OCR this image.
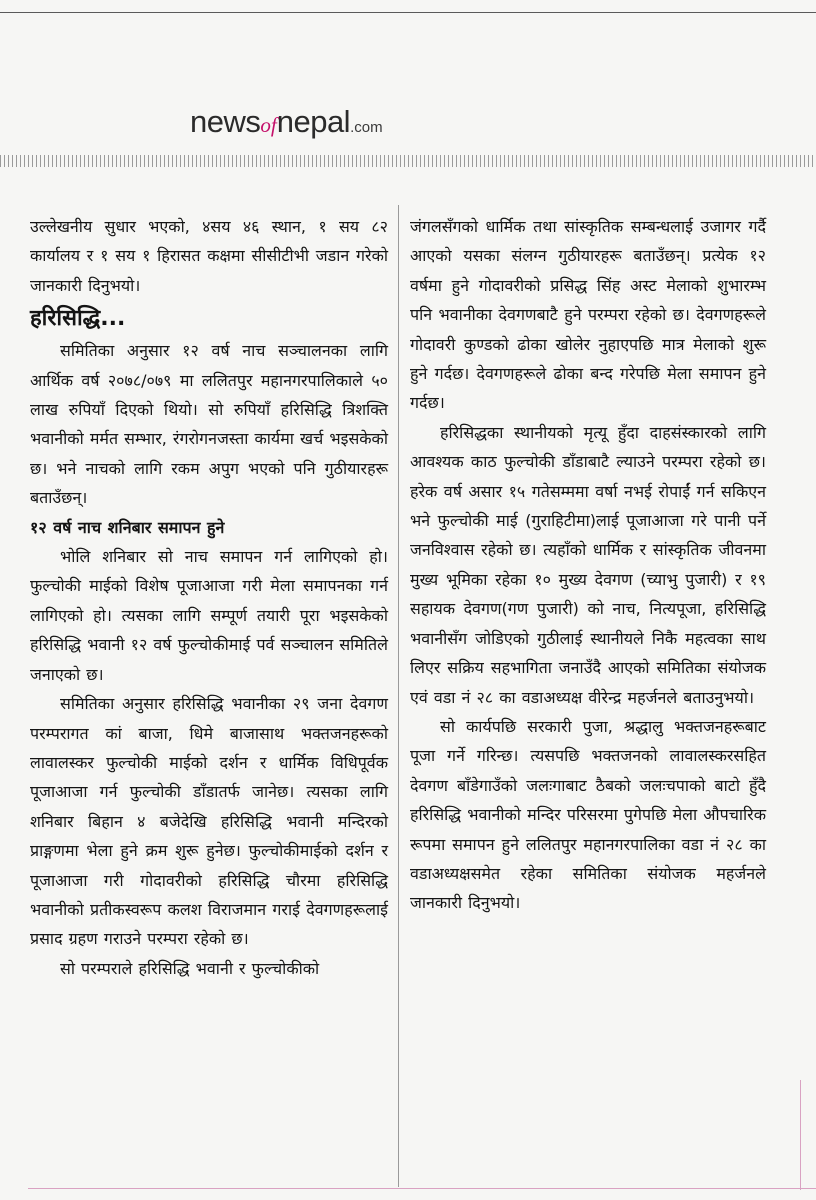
newsofnepal.com

उल्लेखनीय सुधार भएको, ४सय ४६ स्थान, १ सय ८२ कार्यालय र १ सय १ हिरासत कक्षमा सीसीटीभी जडान गरेको जानकारी दिनुभयो।

हरिसिद्धि...

समितिका अनुसार १२ वर्ष नाच सञ्चालनका लागि आर्थिक वर्ष २०७८/०७९ मा ललितपुर महानगरपालिकाले ५० लाख रुपियाँ दिएको थियो। सो रुपियाँ हरिसिद्धि त्रिशक्ति भवानीको मर्मत सम्भार, रंगरोगनजस्ता कार्यमा खर्च भइसकेको छ। भने नाचको लागि रकम अपुग भएको पनि गुठीयारहरू बताउँछन्।

१२ वर्ष नाच शनिबार समापन हुने

भोलि शनिबार सो नाच समापन गर्न लागिएको हो। फुल्चोकी माईको विशेष पूजाआजा गरी मेला समापनका गर्न लागिएको हो। त्यसका लागि सम्पूर्ण तयारी पूरा भइसकेको हरिसिद्धि भवानी १२ वर्ष फुल्चोकीमाई पर्व सञ्चालन समितिले जनाएको छ।

समितिका अनुसार हरिसिद्धि भवानीका २९ जना देवगण परम्परागत कां बाजा, धिमे बाजासाथ भक्तजनहरूको लावालस्कर फुल्चोकी माईको दर्शन र धार्मिक विधिपूर्वक पूजाआजा गर्न फुल्चोकी डाँडातर्फ जानेछ। त्यसका लागि शनिबार बिहान ४ बजेदेखि हरिसिद्धि भवानी मन्दिरको प्राङ्गणमा भेला हुने क्रम शुरू हुनेछ। फुल्चोकीमाईको दर्शन र पूजाआजा गरी गोदावरीको हरिसिद्धि चौरमा हरिसिद्धि भवानीको प्रतीकस्वरूप कलश विराजमान गराई देवगणहरूलाई प्रसाद ग्रहण गराउने परम्परा रहेको छ।

सो परम्पराले हरिसिद्धि भवानी र फुल्चोकीको

जंगलसँगको धार्मिक तथा सांस्कृतिक सम्बन्धलाई उजागर गर्दै आएको यसका संलग्न गुठीयारहरू बताउँछन्। प्रत्येक १२ वर्षमा हुने गोदावरीको प्रसिद्ध सिंह अस्ट मेलाको शुभारम्भ पनि भवानीका देवगणबाटै हुने परम्परा रहेको छ। देवगणहरूले गोदावरी कुण्डको ढोका खोलेर नुहाएपछि मात्र मेलाको शुरू हुने गर्दछ। देवगणहरूले ढोका बन्द गरेपछि मेला समापन हुने गर्दछ।

हरिसिद्धका स्थानीयको मृत्यू हुँदा दाहसंस्कारको लागि आवश्यक काठ फुल्चोकी डाँडाबाटै ल्याउने परम्परा रहेको छ। हरेक वर्ष असार १५ गतेसम्ममा वर्षा नभई रोपाईं गर्न सकिएन भने फुल्चोकी माई (गुराहिटीमा)लाई पूजाआजा गरे पानी पर्ने जनविश्वास रहेको छ। त्यहाँको धार्मिक र सांस्कृतिक जीवनमा मुख्य भूमिका रहेका १० मुख्य देवगण (च्याभु पुजारी) र १९ सहायक देवगण(गण पुजारी) को नाच, नित्यपूजा, हरिसिद्धि भवानीसँग जोडिएको गुठीलाई स्थानीयले निकै महत्वका साथ लिएर सक्रिय सहभागिता जनाउँदै आएको समितिका संयोजक एवं वडा नं २८ का वडाअध्यक्ष वीरेन्द्र महर्जनले बताउनुभयो।

सो कार्यपछि सरकारी पुजा, श्रद्धालु भक्तजनहरूबाट पूजा गर्ने गरिन्छ। त्यसपछि भक्तजनको लावालस्करसहित देवगण बाँडेगाउँको जलःगाबाट ठैबको जलःचपाको बाटो हुँदै हरिसिद्धि भवानीको मन्दिर परिसरमा पुगेपछि मेला औपचारिक रूपमा समापन हुने ललितपुर महानगरपालिका वडा नं २८ का वडाअध्यक्षसमेत रहेका समितिका संयोजक महर्जनले जानकारी दिनुभयो।
